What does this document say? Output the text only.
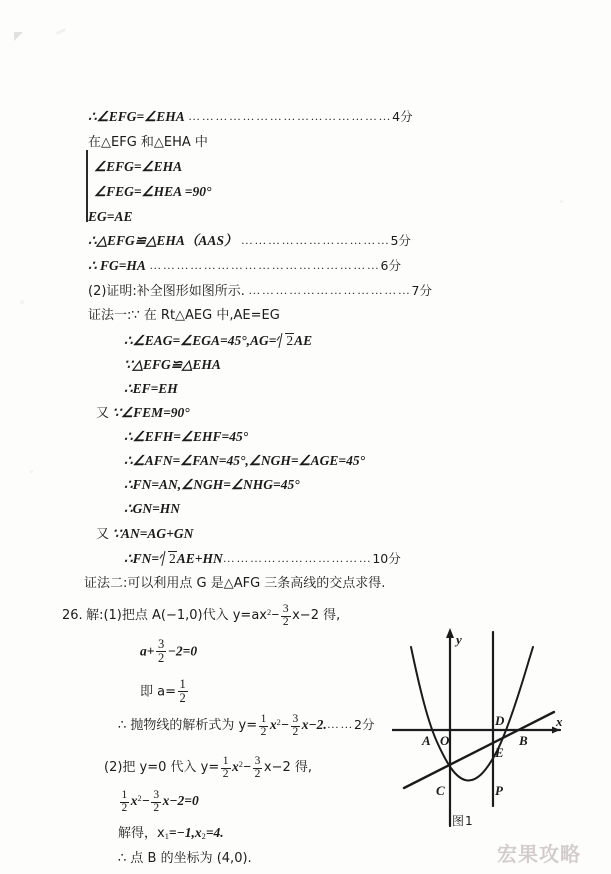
∴∠EFG=∠EHA ………………………………………4分
在△EFG 和△EHA 中
∠EFG=∠EHA
∠FEG=∠HEA =90°
EG=AE
∴△EFG≌△EHA（AAS） ……………………………5分
∴ FG=HA ……………………………………………6分
(2)证明:补全图形如图所示. ………………………………7分
证法一:∵ 在 Rt△AEG 中,AE=EG
∴∠EAG=∠EGA=45°,AG= 2AE
∵△EFG≌△EHA
∴EF=EH
又 ∵∠FEM=90°
∴∠EFH=∠EHF=45°
∴∠AFN=∠FAN=45°,∠NGH=∠AGE=45°
∴FN=AN,∠NGH=∠NHG=45°
∴GN=HN
又 ∵AN=AG+GN
∴FN= 2AE+HN……………………………10分
证法二:可以利用点 G 是△AFG 三条高线的交点求得.
26. 解:(1)把点 A(−1,0)代入 $y=ax^2- \frac{3}{2} x-2$ 得,
$a+ \frac{3}{2} -2=0$
即 $a= \frac{1}{2}$
∴ 抛物线的解析式为 $y= \frac{1}{2} x^2- \frac{3}{2}$ x−2.……2分
(2)把 y=0 代入 $y= \frac{1}{2} x^2- \frac{3}{2} x-2$ 得,
$\frac{1}{2} x^2- \frac{3}{2} x-2=0$
解得，$x_1=-1,x_2=4$.
∴ 点 B 的坐标为 (4,0).
x
y
A O
D
B
E
C	P
图1
宏果攻略
